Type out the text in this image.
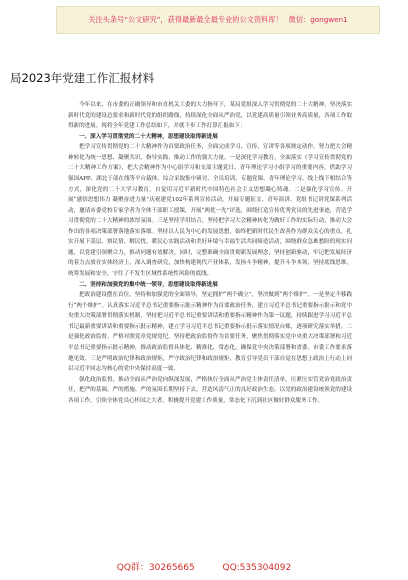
关注头条号“公文研究”，获得最新最全最专业的公文资料库！ 微信：gongwen1
局2023年党建工作汇报材料

今年以来，在市委的正确领导和市直机关工委的大力指导下，某局党组深入学习贯彻党的二十大精神，坚决落实新时代党的建设总要求和新时代党的组织路线，持续深化全面从严治党，以党建高质量引领业务高质量，各项工作取得新的进展。现将全年党建工作总结如下，并就下步工作打算汇报如下：

一、深入学习贯彻党的二十大精神，思想建设取得新进展

把学习宣传贯彻党的二十大精神作为首要政治任务，全面完成学习、宣传、宣讲等各项规定动作，努力把大会精神转化为统一思想、凝聚共识、指导实践、推动工作的强大力量。一是深化学习教育。全面落实《学习宣传贯彻党的二十大精神工作方案》，把大会精神作为中心组学习和支部主题党日、青年理论学习小组学习的重要内容，借助学习强国APP、湖北干部在线等平台载体，综合采取集中研讨、全员培训、专题党课、青年理论学习、线上线下相结合等方式，深化党的二十大学习教育，自觉用习近平新时代中国特色社会主义思想凝心铸魂。二是强化学习宣传。开展“感悟思想伟力 凝聚奋进力量”庆祝建党102年系列宣传活动，开展专题征文、青年演讲、党组书记讲党课系列活动，邀请市委党校专家学者为全体干部职工授课，开展“两优一先”评选，围绕打造宣传优秀党员的先进事迹，营造学习贯彻党的二十大精神的浓厚氛围。三是坚持学用结合，坚持把学习大会精神转化为做好工作的实际行动，推动大会作出的各项决策部署落地落实落细。坚持以人民为中心的发展思想，始终把新时代民生改善作为群众关心的重点，扎实开展下基层、察民情、解民忧、暖民心实践活动和美好环境与幸福生活共同缔造活动，围绕群众急难愁盼的现实问题，以党建引领聚合力，推动问题有效解决。同时，完整准确全面贯彻新发展理念，坚持创新驱动，牢记把发展经济的着力点放在实体经济上，深入调查研究，加快构建现代产业体系，发扬斗争精神，提升斗争本领，坚持底线思维，统筹发展和安全，守住了不发生区域性系统性风险的底线。

二、坚持和加强党的集中统一领导，思想建设取得新进展

把政治建设摆在首位，坚持和加强党的全面领导，坚定拥护“两个确立”，坚决做到“两个维护”。一是坚定不移践行“两个维护”。认真落实习近平总书记重要指示批示精神作为首要政治任务，建立习近平总书记重要指示批示和党中央重大决策部署贯彻落实机制，坚持把习近平总书记重要讲话和重要指示精神作为第一议题，持续跟进学习习近平总书记最新重要讲话和重要指示批示精神，建立学习习近平总书记重要指示批示落实情况台账，逐项研究落实举措。二是强化政治监督。严格对照党章党规党纪，坚持把政治监督作为首要任务，聚焦贯彻落实党中央重大决策部署和习近平总书记重要指示批示精神，推动政治监督具体化、精准化、常态化，确保党中央决策部署和省委、市委工作要求落地见效。三是严明政治纪律和政治规矩，严守政治纪律和政治规矩，教育引导党员干部自觉在思想上政治上行动上同以习近平同志为核心的党中央保持高度一致。

强化政治监督，推动全面从严治党向纵深发展，严格执行全面从严治党主体责任清单，压紧压实管党治党政治责任，把严的基调、严的措施、严的氛围长期坚持下去，营造风清气正的良好政治生态。以党的政治建设统领党的建设各项工作，引领全体党员心怀国之大者，积极提升党建工作质量，常态化下沉到社区做好群众服务工作。

QQ群：30265665	QQ:535304092
